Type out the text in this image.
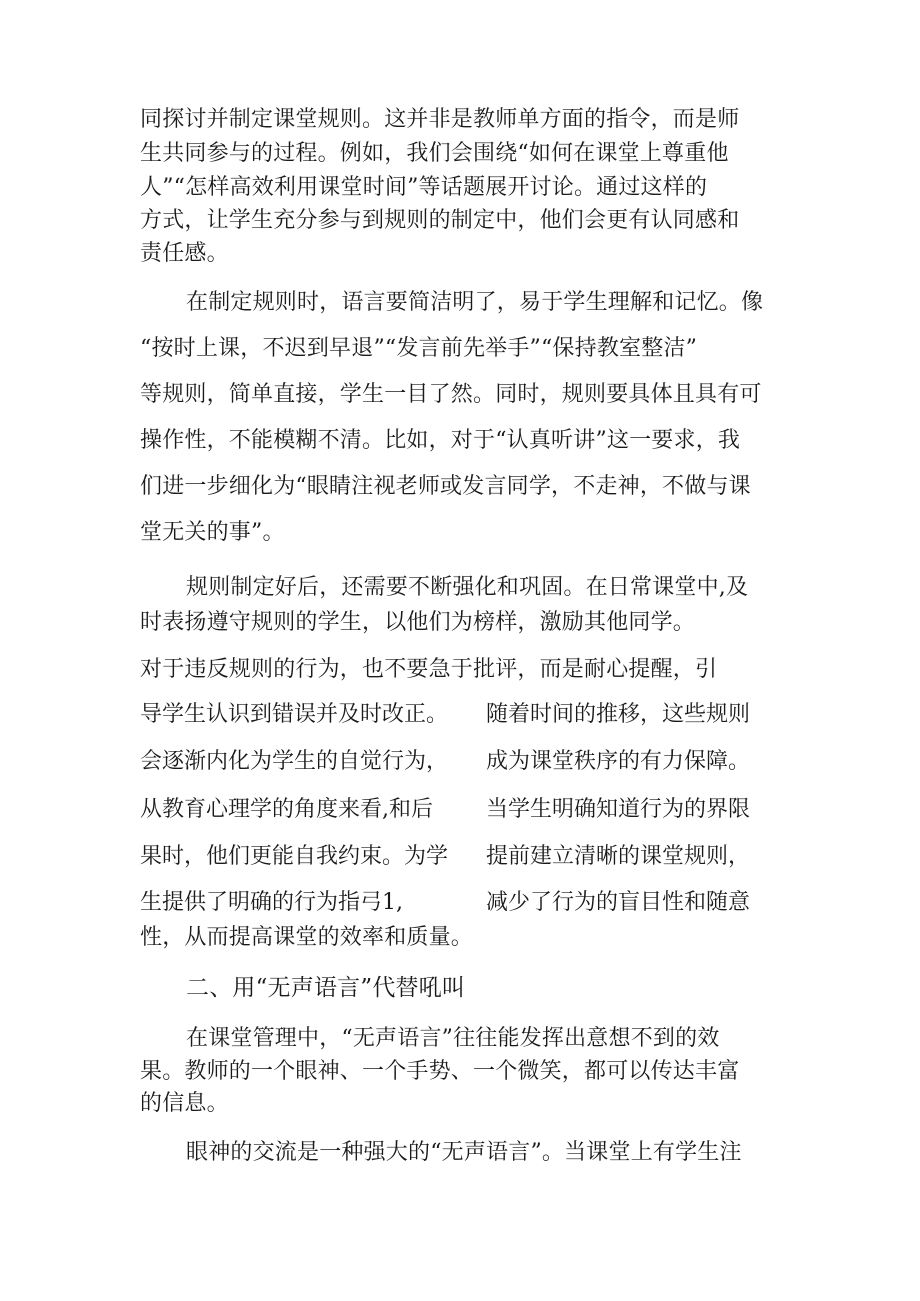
同探讨并制定课堂规则。这并非是教师单方面的指令，而是师
生共同参与的过程。例如，我们会围绕“如何在课堂上尊重他
人”“怎样高效利用课堂时间”等话题展开讨论。通过这样的
方式，让学生充分参与到规则的制定中，他们会更有认同感和
责任感。
在制定规则时，语言要简洁明了，易于学生理解和记忆。像
“按时上课，不迟到早退”“发言前先举手”“保持教室整洁”
等规则，简单直接，学生一目了然。同时，规则要具体且具有可
操作性，不能模糊不清。比如，对于“认真听讲”这一要求，我
们进一步细化为“眼睛注视老师或发言同学，不走神，不做与课
堂无关的事”。
规则制定好后，还需要不断强化和巩固。在日常课堂中,及
时表扬遵守规则的学生，以他们为榜样，激励其他同学。
对于违反规则的行为，也不要急于批评，而是耐心提醒，引
导学生认识到错误并及时改正。 随着时间的推移，这些规则
会逐渐内化为学生的自觉行为， 成为课堂秩序的有力保障。
从教育心理学的角度来看,和后 当学生明确知道行为的界限
果时，他们更能自我约束。为学 提前建立清晰的课堂规则，
生提供了明确的行为指弓1,	减少了行为的盲目性和随意
性，从而提高课堂的效率和质量。
二、用“无声语言”代替吼叫
在课堂管理中，“无声语言”往往能发挥出意想不到的效
果。教师的一个眼神、一个手势、一个微笑，都可以传达丰富
的信息。
眼神的交流是一种强大的“无声语言”。当课堂上有学生注
